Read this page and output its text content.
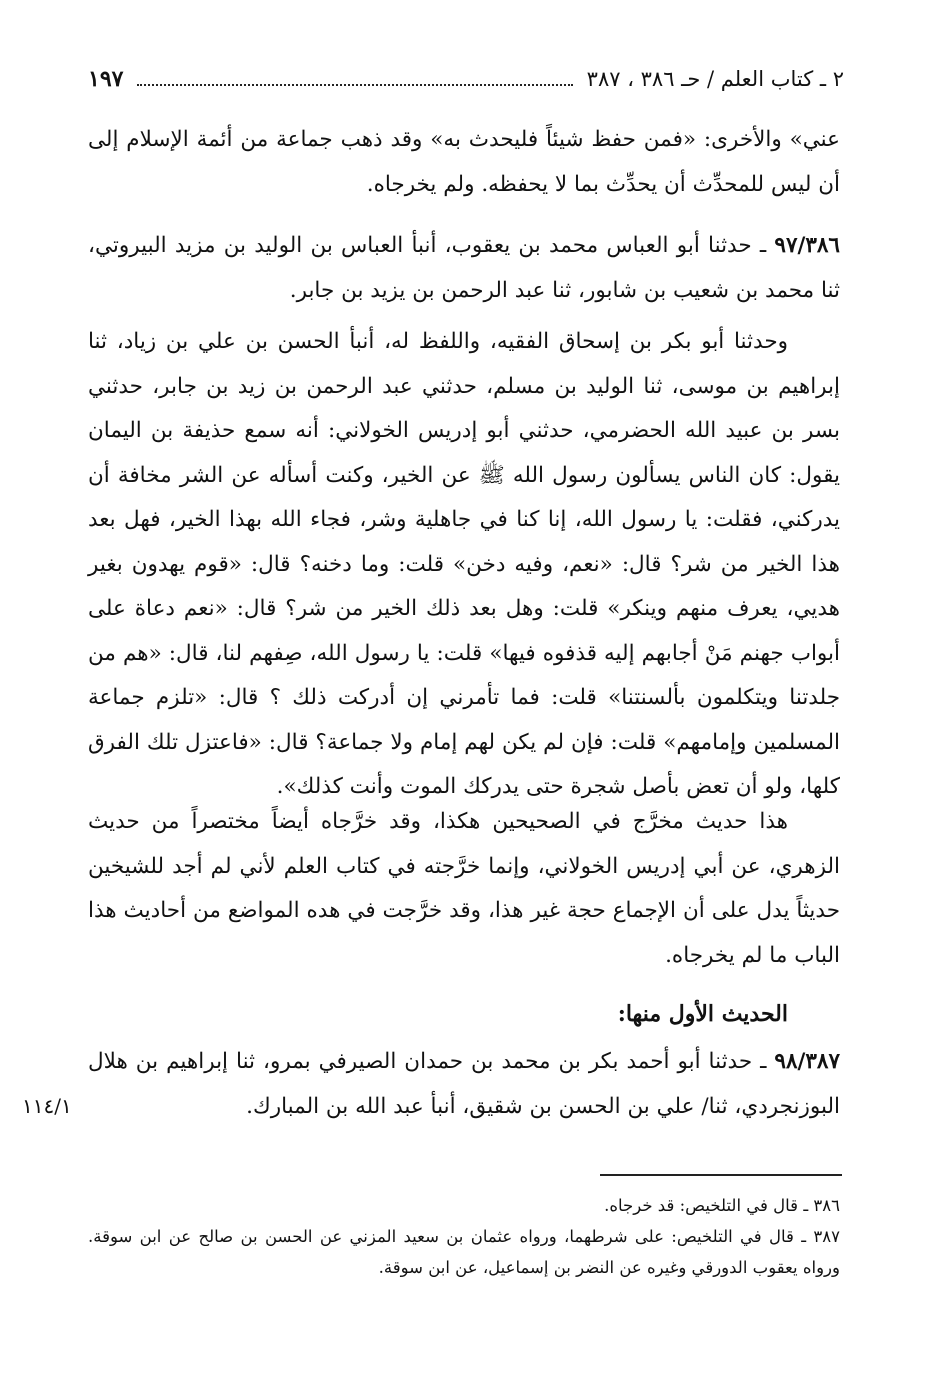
٢ ـ كتاب العلم / حـ ٣٨٦ ، ٣٨٧
١٩٧

عني» والأخرى: «فمن حفظ شيئاً فليحدث به» وقد ذهب جماعة من أئمة الإسلام إلى أن ليس للمحدِّث أن يحدِّث بما لا يحفظه. ولم يخرجاه.

٩٧/٣٨٦ ـ حدثنا أبو العباس محمد بن يعقوب، أنبأ العباس بن الوليد بن مزيد البيروتي، ثنا محمد بن شعيب بن شابور، ثنا عبد الرحمن بن يزيد بن جابر.

وحدثنا أبو بكر بن إسحاق الفقيه، واللفظ له، أنبأ الحسن بن علي بن زياد، ثنا إبراهيم بن موسى، ثنا الوليد بن مسلم، حدثني عبد الرحمن بن زيد بن جابر، حدثني بسر بن عبيد الله الحضرمي، حدثني أبو إدريس الخولاني: أنه سمع حذيفة بن اليمان يقول: كان الناس يسألون رسول الله ﷺ عن الخير، وكنت أسأله عن الشر مخافة أن يدركني، فقلت: يا رسول الله، إنا كنا في جاهلية وشر، فجاء الله بهذا الخير، فهل بعد هذا الخير من شر؟ قال: «نعم، وفيه دخن» قلت: وما دخنه؟ قال: «قوم يهدون بغير هديي، يعرف منهم وينكر» قلت: وهل بعد ذلك الخير من شر؟ قال: «نعم دعاة على أبواب جهنم مَنْ أجابهم إليه قذفوه فيها» قلت: يا رسول الله، صِفهم لنا، قال: «هم من جلدتنا ويتكلمون بألسنتنا» قلت: فما تأمرني إن أدركت ذلك ؟ قال: «تلزم جماعة المسلمين وإمامهم» قلت: فإن لم يكن لهم إمام ولا جماعة؟ قال: «فاعتزل تلك الفرق كلها، ولو أن تعض بأصل شجرة حتى يدركك الموت وأنت كذلك».

هذا حديث مخرَّج في الصحيحين هكذا، وقد خرَّجاه أيضاً مختصراً من حديث الزهري، عن أبي إدريس الخولاني، وإنما خرَّجته في كتاب العلم لأني لم أجد للشيخين حديثاً يدل على أن الإجماع حجة غير هذا، وقد خرَّجت في هده المواضع من أحاديث هذا الباب ما لم يخرجاه.

الحديث الأول منها:

٩٨/٣٨٧ ـ حدثنا أبو أحمد بكر بن محمد بن حمدان الصيرفي بمرو، ثنا إبراهيم بن هلال البوزنجردي، ثنا/ علي بن الحسن بن شقيق، أنبأ عبد الله بن المبارك.

١١٤/١

٣٨٦ ـ قال في التلخيص: قد خرجاه.

٣٨٧ ـ قال في التلخيص: على شرطهما، ورواه عثمان بن سعيد المزني عن الحسن بن صالح عن ابن سوقة. ورواه يعقوب الدورقي وغيره عن النضر بن إسماعيل، عن ابن سوقة.
